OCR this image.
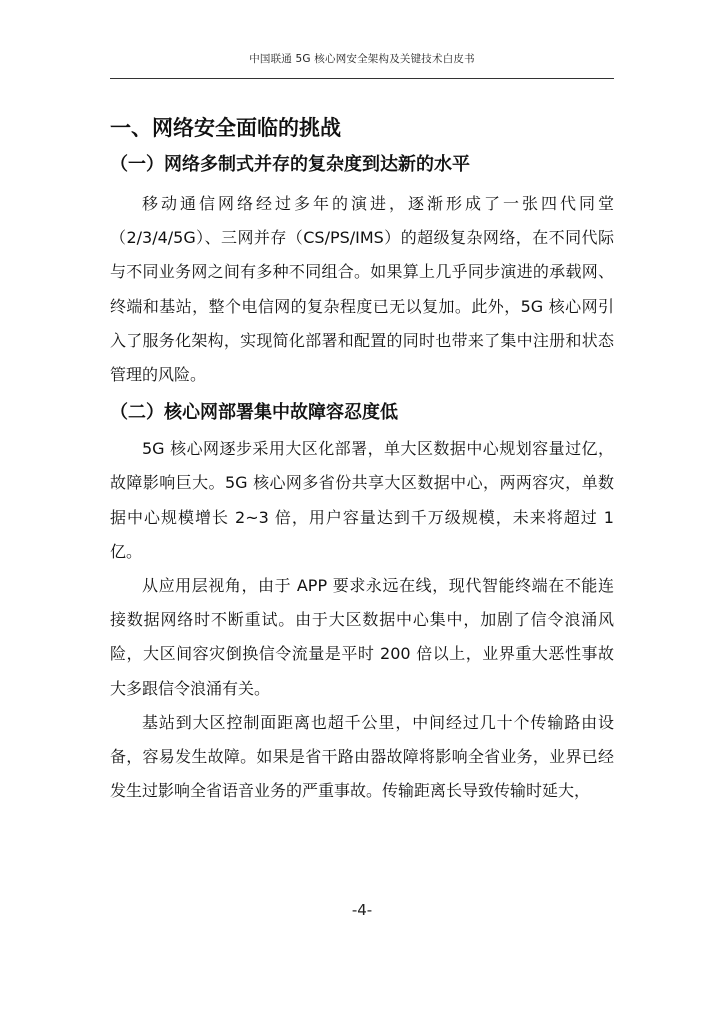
中国联通 5G 核心网安全架构及关键技术白皮书
一、网络安全面临的挑战
（一）网络多制式并存的复杂度到达新的水平

移动通信网络经过多年的演进，逐渐形成了一张四代同堂（2/3/4/5G）、三网并存（CS/PS/IMS）的超级复杂网络，在不同代际与不同业务网之间有多种不同组合。如果算上几乎同步演进的承载网、终端和基站，整个电信网的复杂程度已无以复加。此外，5G 核心网引入了服务化架构，实现简化部署和配置的同时也带来了集中注册和状态管理的风险。

（二）核心网部署集中故障容忍度低

5G 核心网逐步采用大区化部署，单大区数据中心规划容量过亿，故障影响巨大。5G 核心网多省份共享大区数据中心，两两容灾，单数据中心规模增长 2~3 倍，用户容量达到千万级规模，未来将超过 1 亿。

从应用层视角，由于 APP 要求永远在线，现代智能终端在不能连接数据网络时不断重试。由于大区数据中心集中，加剧了信令浪涌风险，大区间容灾倒换信令流量是平时 200 倍以上，业界重大恶性事故大多跟信令浪涌有关。

基站到大区控制面距离也超千公里，中间经过几十个传输路由设备，容易发生故障。如果是省干路由器故障将影响全省业务，业界已经发生过影响全省语音业务的严重事故。传输距离长导致传输时延大，

-4-
